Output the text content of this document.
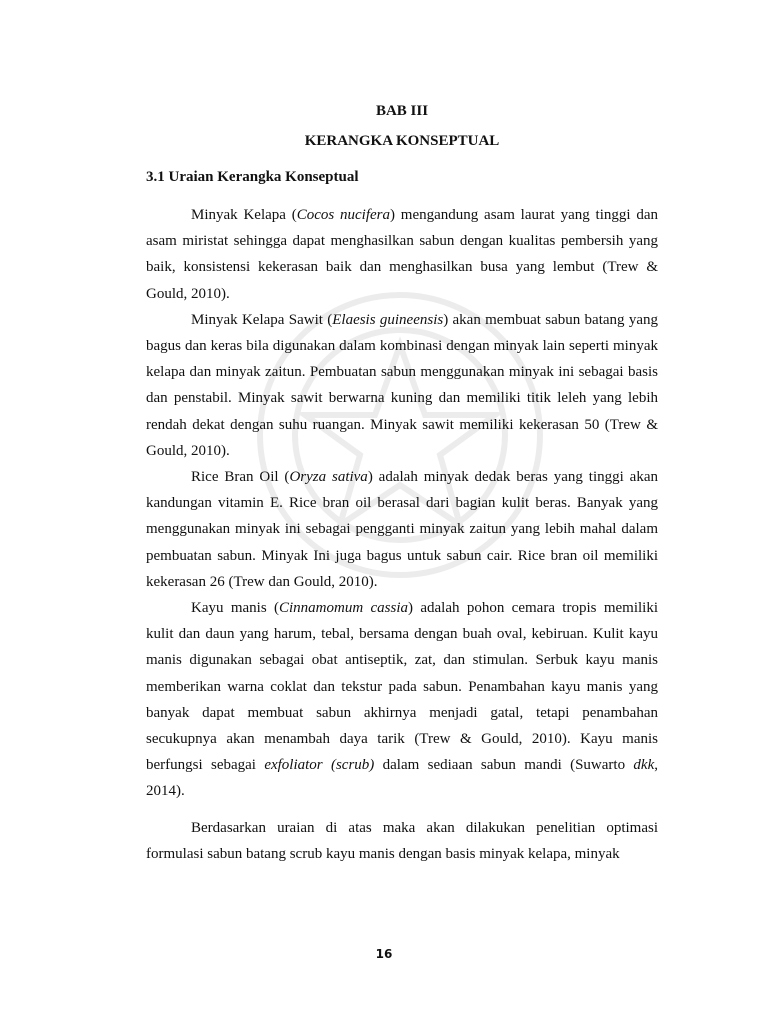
BAB III

KERANGKA KONSEPTUAL

3.1 Uraian Kerangka Konseptual

Minyak Kelapa (Cocos nucifera) mengandung asam laurat yang tinggi dan asam miristat sehingga dapat menghasilkan sabun dengan kualitas pembersih yang baik, konsistensi kekerasan baik dan menghasilkan busa yang lembut (Trew & Gould, 2010).

Minyak Kelapa Sawit (Elaesis guineensis) akan membuat sabun batang yang bagus dan keras bila digunakan dalam kombinasi dengan minyak lain seperti minyak kelapa dan minyak zaitun. Pembuatan sabun menggunakan minyak ini sebagai basis dan penstabil. Minyak sawit berwarna kuning dan memiliki titik leleh yang lebih rendah dekat dengan suhu ruangan. Minyak sawit memiliki kekerasan 50 (Trew & Gould, 2010).

Rice Bran Oil (Oryza sativa) adalah minyak dedak beras yang tinggi akan kandungan vitamin E. Rice bran oil berasal dari bagian kulit beras. Banyak yang menggunakan minyak ini sebagai pengganti minyak zaitun yang lebih mahal dalam pembuatan sabun. Minyak Ini juga bagus untuk sabun cair. Rice bran oil memiliki kekerasan 26 (Trew dan Gould, 2010).

Kayu manis (Cinnamomum cassia) adalah pohon cemara tropis memiliki kulit dan daun yang harum, tebal, bersama dengan buah oval, kebiruan. Kulit kayu manis digunakan sebagai obat antiseptik, zat, dan stimulan. Serbuk kayu manis memberikan warna coklat dan tekstur pada sabun. Penambahan kayu manis yang banyak dapat membuat sabun akhirnya menjadi gatal, tetapi penambahan secukupnya akan menambah daya tarik (Trew & Gould, 2010). Kayu manis berfungsi sebagai exfoliator (scrub) dalam sediaan sabun mandi (Suwarto dkk, 2014).

Berdasarkan uraian di atas maka akan dilakukan penelitian optimasi formulasi sabun batang scrub kayu manis dengan basis minyak kelapa, minyak

16
